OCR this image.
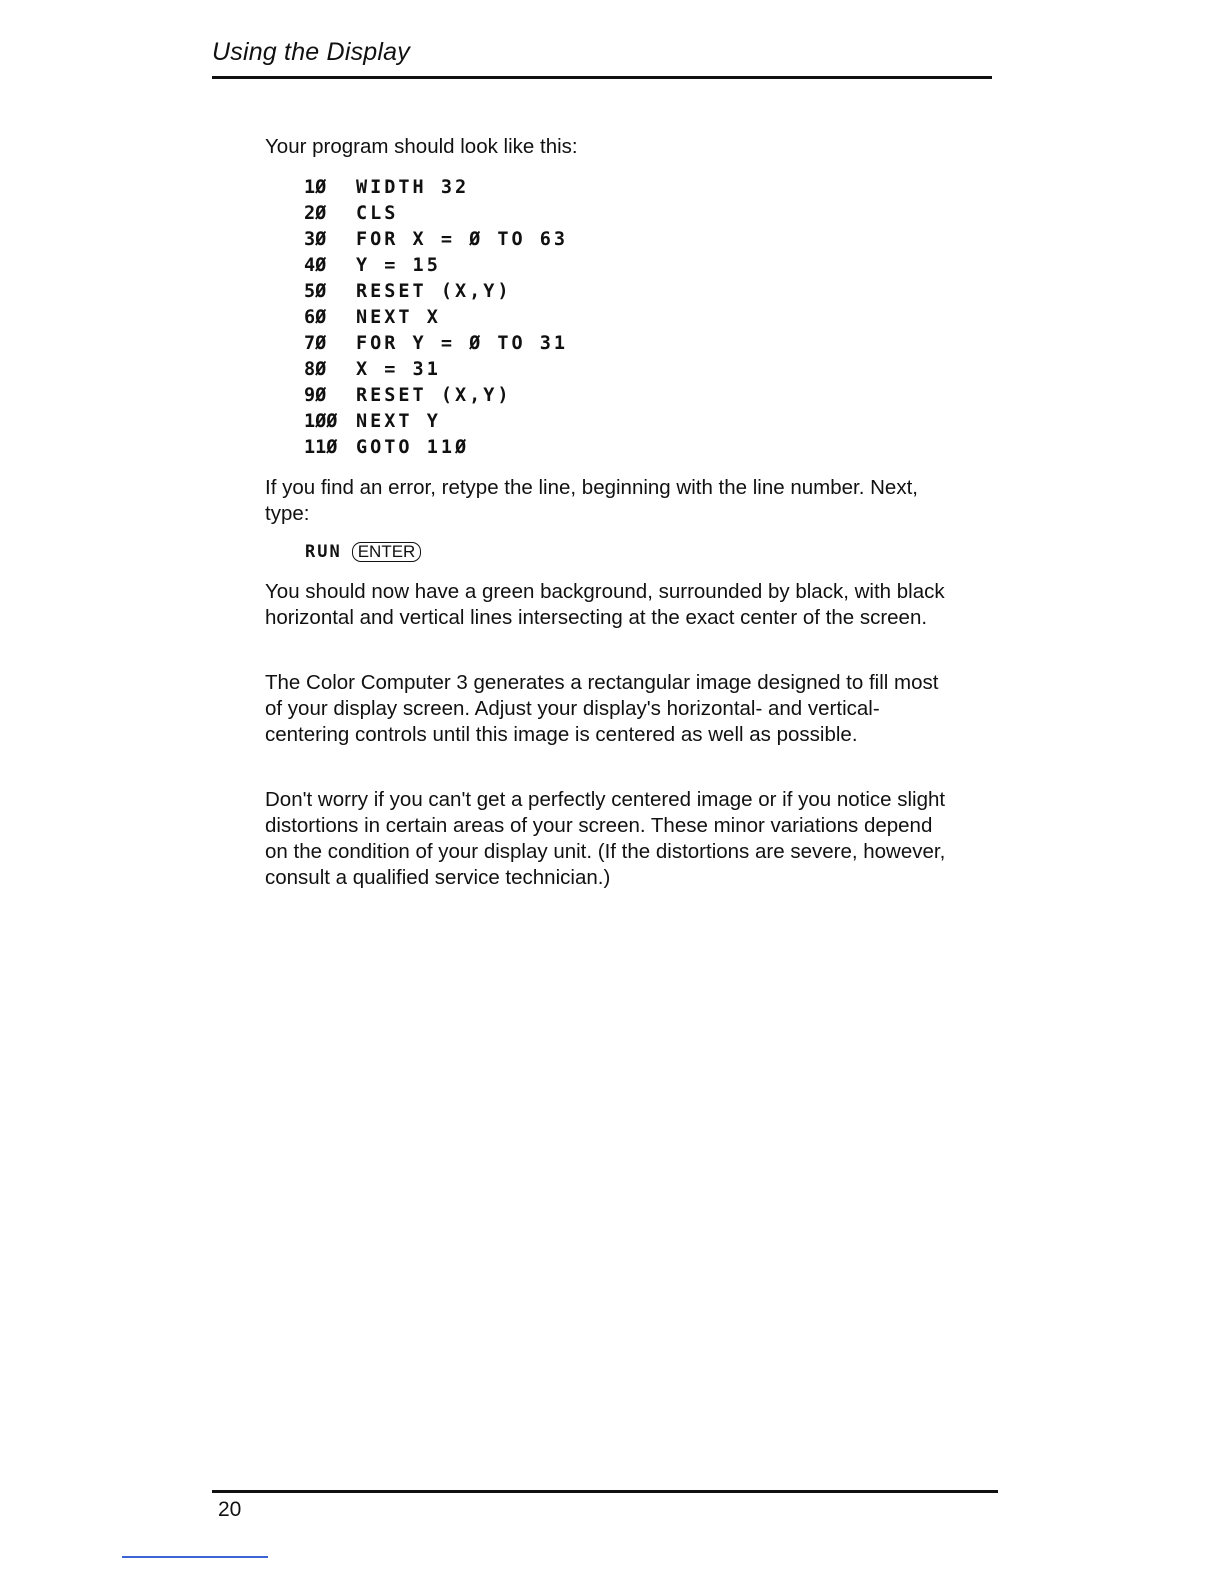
Using the Display

Your program should look like this:

1Ø	WIDTH 32
2Ø	CLS
3Ø	FOR X = Ø TO 63
4Ø	Y = 15
5Ø	RESET (X,Y)
6Ø	NEXT X
7Ø	FOR Y = Ø TO 31
8Ø	X = 31
9Ø	RESET (X,Y)
1ØØ	NEXT Y
11Ø	GOTO 11Ø

If you find an error, retype the line, beginning with the line number. Next, type:

RUN ENTER

You should now have a green background, surrounded by black, with black horizontal and vertical lines intersecting at the exact center of the screen.

The Color Computer 3 generates a rectangular image designed to fill most of your display screen. Adjust your display's horizontal- and vertical-centering controls until this image is centered as well as possible.

Don't worry if you can't get a perfectly centered image or if you notice slight distortions in certain areas of your screen. These minor variations depend on the condition of your display unit. (If the distortions are severe, however, consult a qualified service technician.)

20
